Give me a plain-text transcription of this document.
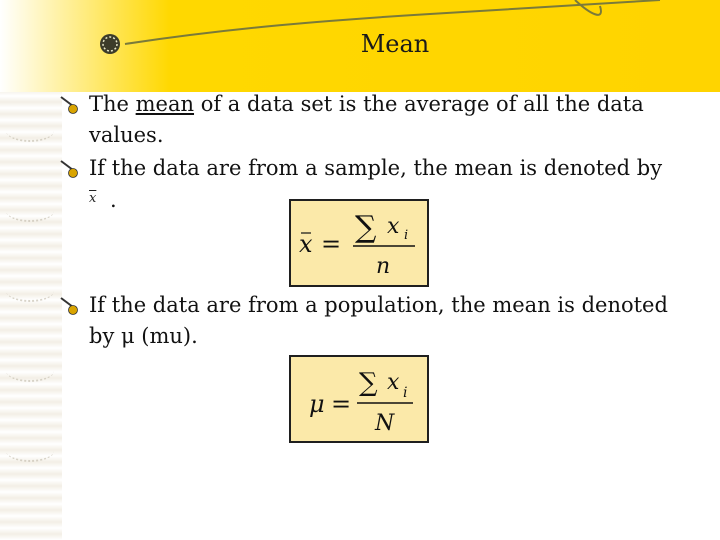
Mean
The mean of a data set is the average of all the data values.
If the data are from a sample, the mean is denoted by
$\overline{x}$ .
x = ∑ x i
n
If the data are from a population, the mean is denoted by μ (mu).
μ =
∑ x i
N
